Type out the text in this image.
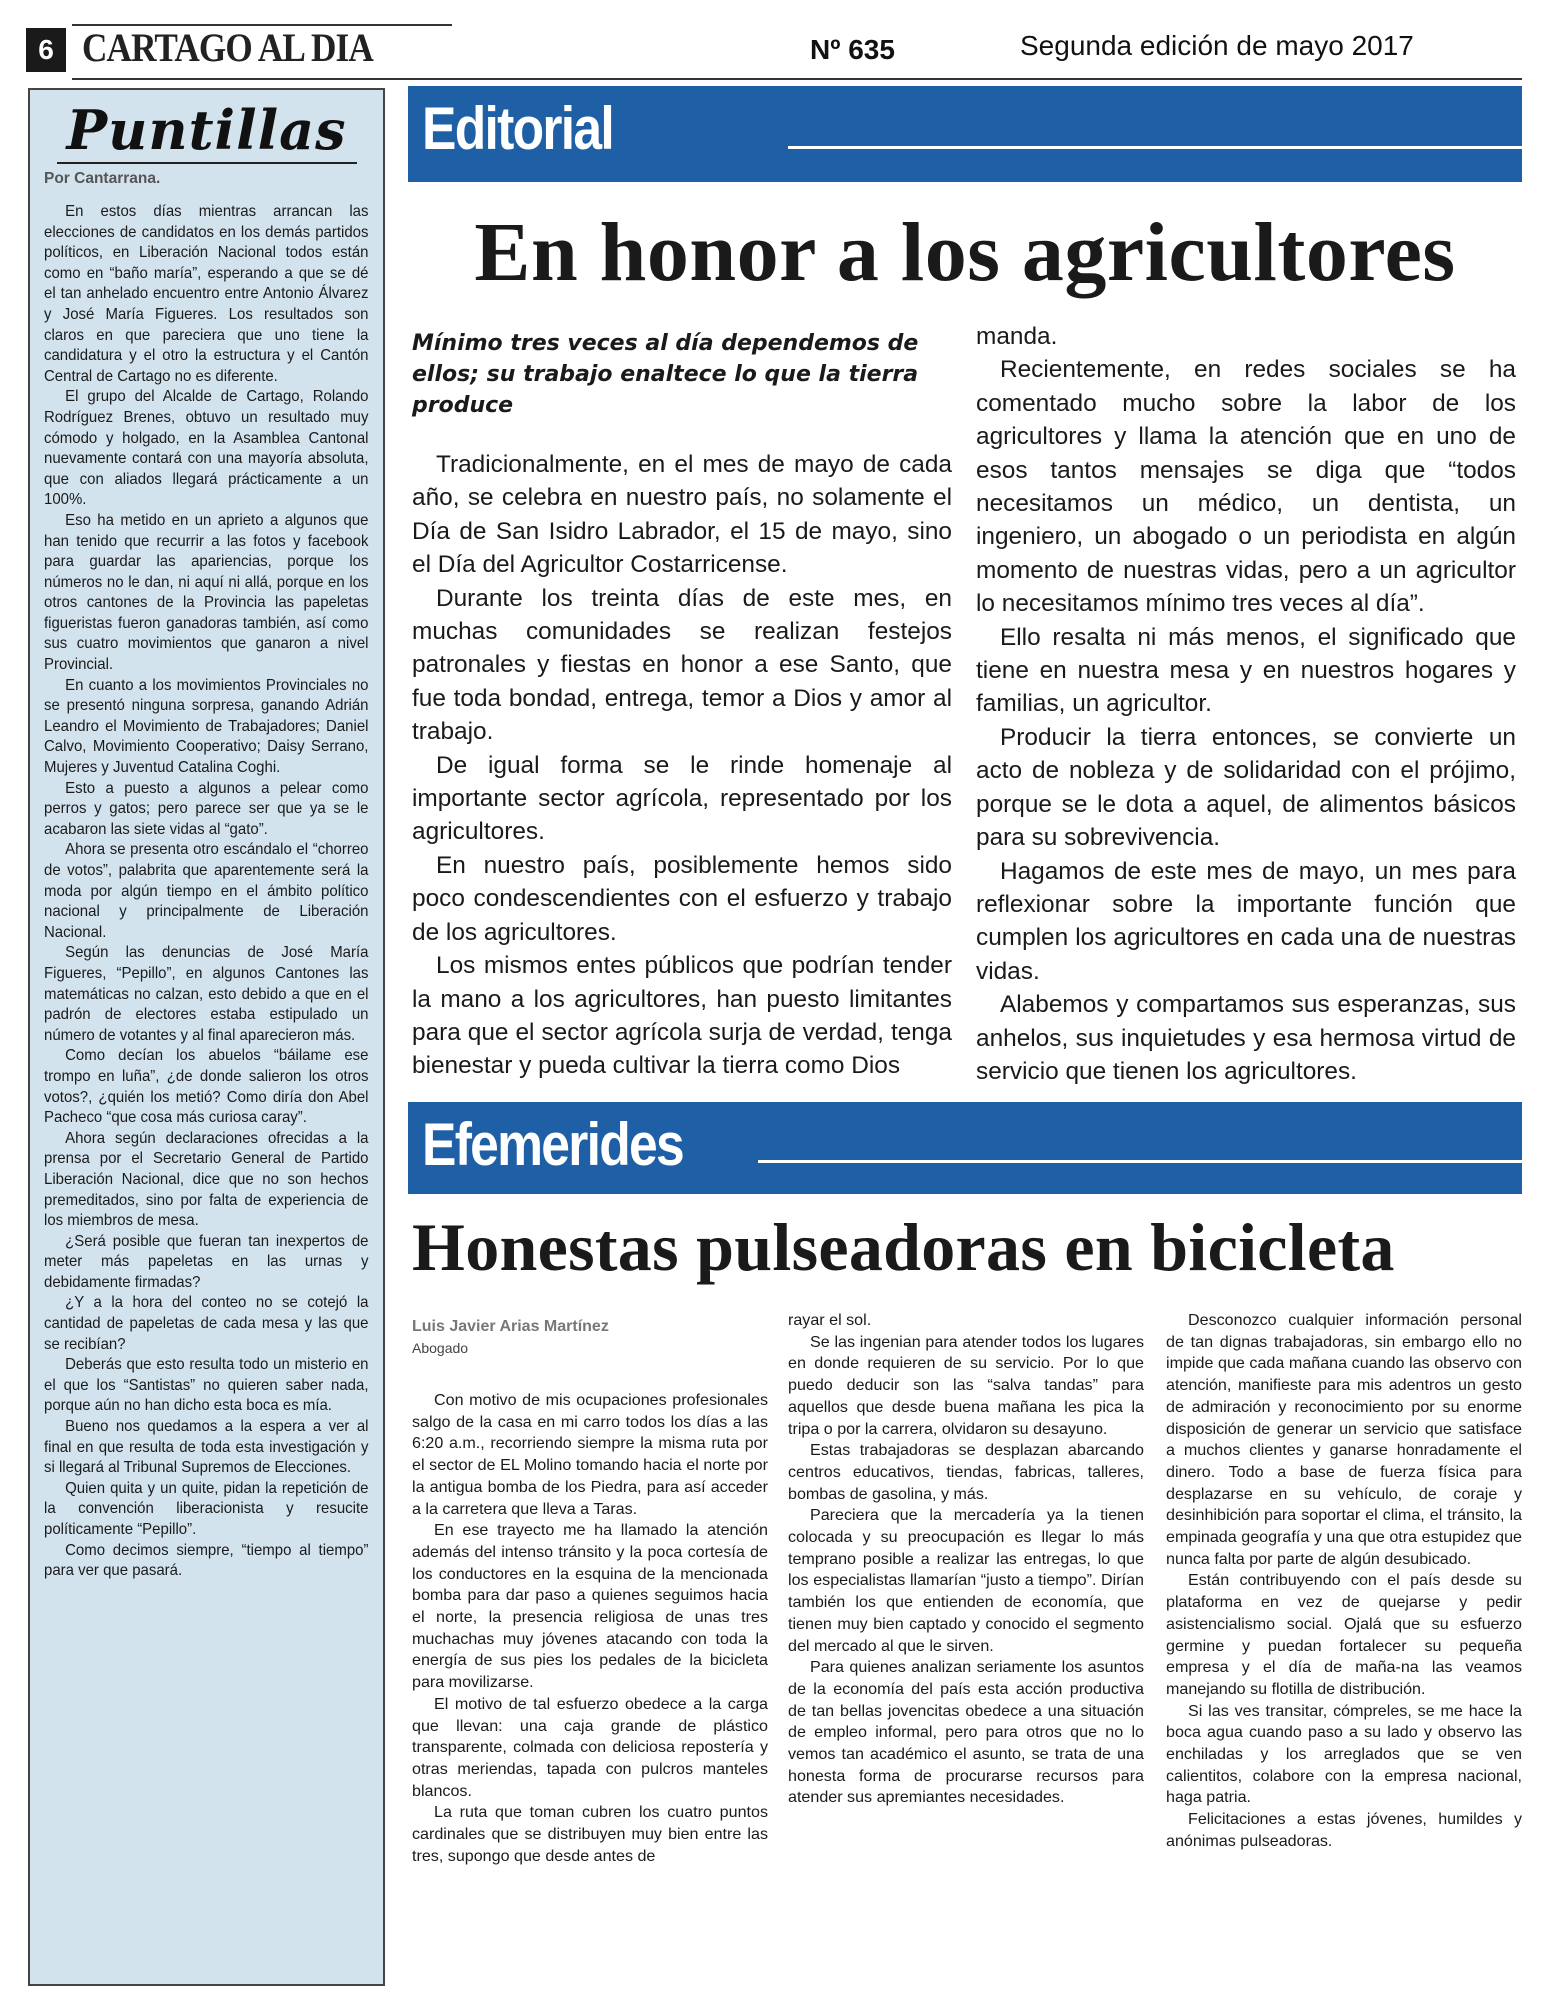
6 CARTAGO AL DIA	Nº 635	Segunda edición de mayo 2017
Puntillas
Por Cantarrana.

En estos días mientras arrancan las elecciones de candidatos en los demás partidos políticos, en Liberación Nacional todos están como en “baño maría”, esperando a que se dé el tan anhelado encuentro entre Antonio Álvarez y José María Figueres. Los resultados son claros en que pareciera que uno tiene la candidatura y el otro la estructura y el Cantón Central de Cartago no es diferente.

El grupo del Alcalde de Cartago, Rolando Rodríguez Brenes, obtuvo un resultado muy cómodo y holgado, en la Asamblea Cantonal nuevamente contará con una mayoría absoluta, que con aliados llegará prácticamente a un 100%.

Eso ha metido en un aprieto a algunos que han tenido que recurrir a las fotos y facebook para guardar las apariencias, porque los números no le dan, ni aquí ni allá, porque en los otros cantones de la Provincia las papeletas figueristas fueron ganadoras también, así como sus cuatro movimientos que ganaron a nivel Provincial.

En cuanto a los movimientos Provinciales no se presentó ninguna sorpresa, ganando Adrián Leandro el Movimiento de Trabajadores; Daniel Calvo, Movimiento Cooperativo; Daisy Serrano, Mujeres y Juventud Catalina Coghi.

Esto a puesto a algunos a pelear como perros y gatos; pero parece ser que ya se le acabaron las siete vidas al “gato”.

Ahora se presenta otro escándalo el “chorreo de votos”, palabrita que aparentemente será la moda por algún tiempo en el ámbito político nacional y principalmente de Liberación Nacional.

Según las denuncias de José María Figueres, “Pepillo”, en algunos Cantones las matemáticas no calzan, esto debido a que en el padrón de electores estaba estipulado un número de votantes y al final aparecieron más.

Como decían los abuelos “báilame ese trompo en luña”, ¿de donde salieron los otros votos?, ¿quién los metió? Como diría don Abel Pacheco “que cosa más curiosa caray”.

Ahora según declaraciones ofrecidas a la prensa por el Secretario General de Partido Liberación Nacional, dice que no son hechos premeditados, sino por falta de experiencia de los miembros de mesa.

¿Será posible que fueran tan inexpertos de meter más papeletas en las urnas y debidamente firmadas?

¿Y a la hora del conteo no se cotejó la cantidad de papeletas de cada mesa y las que se recibían?

Deberás que esto resulta todo un misterio en el que los “Santistas” no quieren saber nada, porque aún no han dicho esta boca es mía.

Bueno nos quedamos a la espera a ver al final en que resulta de toda esta investigación y si llegará al Tribunal Supremos de Elecciones.

Quien quita y un quite, pidan la repetición de la convención liberacionista y resucite políticamente “Pepillo”.

Como decimos siempre, “tiempo al tiempo” para ver que pasará.

Editorial
En honor a los agricultores
Mínimo tres veces al día dependemos de ellos; su trabajo enaltece lo que la tierra produce

Tradicionalmente, en el mes de mayo de cada año, se celebra en nuestro país, no solamente el Día de San Isidro Labrador, el 15 de mayo, sino el Día del Agricultor Costarricense.

Durante los treinta días de este mes, en muchas comunidades se realizan festejos patronales y fiestas en honor a ese Santo, que fue toda bondad, entrega, temor a Dios y amor al trabajo.

De igual forma se le rinde homenaje al importante sector agrícola, representado por los agricultores.

En nuestro país, posiblemente hemos sido poco condescendientes con el esfuerzo y trabajo de los agricultores.

Los mismos entes públicos que podrían tender la mano a los agricultores, han puesto limitantes para que el sector agrícola surja de verdad, tenga bienestar y pueda cultivar la tierra como Dios

manda.

Recientemente, en redes sociales se ha comentado mucho sobre la labor de los agricultores y llama la atención que en uno de esos tantos mensajes se diga que “todos necesitamos un médico, un dentista, un ingeniero, un abogado o un periodista en algún momento de nuestras vidas, pero a un agricultor lo necesitamos mínimo tres veces al día”.

Ello resalta ni más menos, el significado que tiene en nuestra mesa y en nuestros hogares y familias, un agricultor.

Producir la tierra entonces, se convierte un acto de nobleza y de solidaridad con el prójimo, porque se le dota a aquel, de alimentos básicos para su sobrevivencia.

Hagamos de este mes de mayo, un mes para reflexionar sobre la importante función que cumplen los agricultores en cada una de nuestras vidas.

Alabemos y compartamos sus esperanzas, sus anhelos, sus inquietudes y esa hermosa virtud de servicio que tienen los agricultores.

Efemerides
Honestas pulseadoras en bicicleta
Luis Javier Arias Martínez
Abogado

Con motivo de mis ocupaciones profesionales salgo de la casa en mi carro todos los días a las 6:20 a.m., recorriendo siempre la misma ruta por el sector de EL Molino tomando hacia el norte por la antigua bomba de los Piedra, para así acceder a la carretera que lleva a Taras.

En ese trayecto me ha llamado la atención además del intenso tránsito y la poca cortesía de los conductores en la esquina de la mencionada bomba para dar paso a quienes seguimos hacia el norte, la presencia religiosa de unas tres muchachas muy jóvenes atacando con toda la energía de sus pies los pedales de la bicicleta para movilizarse.

El motivo de tal esfuerzo obedece a la carga que llevan: una caja grande de plástico transparente, colmada con deliciosa repostería y otras meriendas, tapada con pulcros manteles blancos.

La ruta que toman cubren los cuatro puntos cardinales que se distribuyen muy bien entre las tres, supongo que desde antes de

rayar el sol.

Se las ingenian para atender todos los lugares en donde requieren de su servicio. Por lo que puedo deducir son las “salva tandas” para aquellos que desde buena mañana les pica la tripa o por la carrera, olvidaron su desayuno.

Estas trabajadoras se desplazan abarcando centros educativos, tiendas, fabricas, talleres, bombas de gasolina, y más.

Pareciera que la mercadería ya la tienen colocada y su preocupación es llegar lo más temprano posible a realizar las entregas, lo que los especialistas llamarían “justo a tiempo”. Dirían también los que entienden de economía, que tienen muy bien captado y conocido el segmento del mercado al que le sirven.

Para quienes analizan seriamente los asuntos de la economía del país esta acción productiva de tan bellas jovencitas obedece a una situación de empleo informal, pero para otros que no lo vemos tan académico el asunto, se trata de una honesta forma de procurarse recursos para atender sus apremiantes necesidades.

Desconozco cualquier información personal de tan dignas trabajadoras, sin embargo ello no impide que cada mañana cuando las observo con atención, manifieste para mis adentros un gesto de admiración y reconocimiento por su enorme disposición de generar un servicio que satisface a muchos clientes y ganarse honradamente el dinero. Todo a base de fuerza física para desplazarse en su vehículo, de coraje y desinhibición para soportar el clima, el tránsito, la empinada geografía y una que otra estupidez que nunca falta por parte de algún desubicado.

Están contribuyendo con el país desde su plataforma en vez de quejarse y pedir asistencialismo social. Ojalá que su esfuerzo germine y puedan fortalecer su pequeña empresa y el día de maña-na las veamos manejando su flotilla de distribución.

Si las ves transitar, cómpreles, se me hace la boca agua cuando paso a su lado y observo las enchiladas y los arreglados que se ven calientitos, colabore con la empresa nacional, haga patria.

Felicitaciones a estas jóvenes, humildes y anónimas pulseadoras.
